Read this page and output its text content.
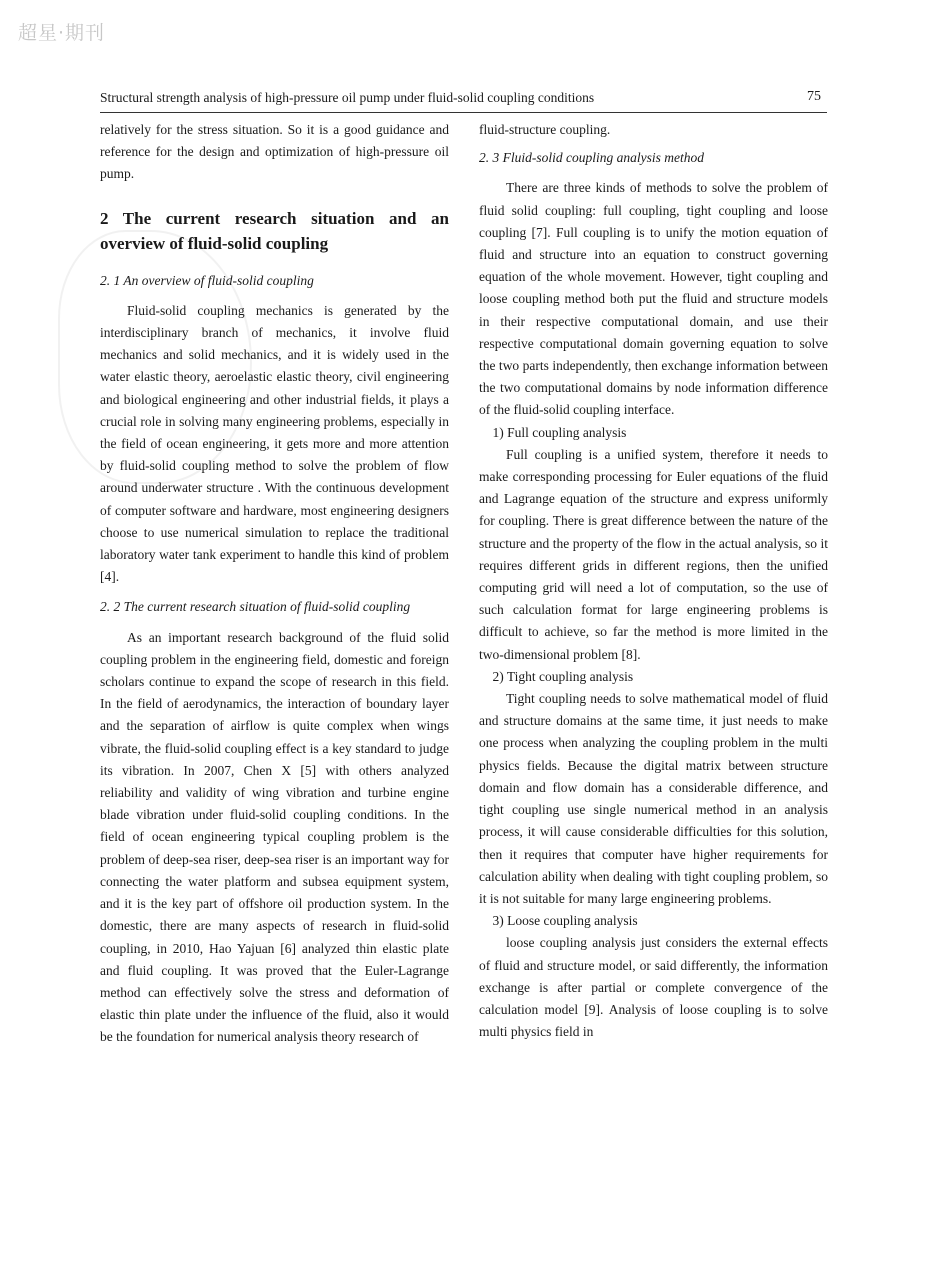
超星·期刊
Structural strength analysis of high-pressure oil pump under fluid-solid coupling conditions	75

relatively for the stress situation. So it is a good guidance and reference for the design and optimization of high-pressure oil pump.

2 The current research situation and an overview of fluid-solid coupling
2. 1 An overview of fluid-solid coupling

Fluid-solid coupling mechanics is generated by the interdisciplinary branch of mechanics, it involve fluid mechanics and solid mechanics, and it is widely used in the water elastic theory, aeroelastic elastic theory, civil engineering and biological engineering and other industrial fields, it plays a crucial role in solving many engineering problems, especially in the field of ocean engineering, it gets more and more attention by fluid-solid coupling method to solve the problem of flow around underwater structure . With the continuous development of computer software and hardware, most engineering designers choose to use numerical simulation to replace the traditional laboratory water tank experiment to handle this kind of problem [4].

2. 2 The current research situation of fluid-solid coupling

As an important research background of the fluid solid coupling problem in the engineering field, domestic and foreign scholars continue to expand the scope of research in this field. In the field of aerodynamics, the interaction of boundary layer and the separation of airflow is quite complex when wings vibrate, the fluid-solid coupling effect is a key standard to judge its vibration. In 2007, Chen X [5] with others analyzed reliability and validity of wing vibration and turbine engine blade vibration under fluid-solid coupling conditions. In the field of ocean engineering typical coupling problem is the problem of deep-sea riser, deep-sea riser is an important way for connecting the water platform and subsea equipment system, and it is the key part of offshore oil production system. In the domestic, there are many aspects of research in fluid-solid coupling, in 2010, Hao Yajuan [6] analyzed thin elastic plate and fluid coupling. It was proved that the Euler-Lagrange method can effectively solve the stress and deformation of elastic thin plate under the influence of the fluid, also it would be the foundation for numerical analysis theory research of

fluid-structure coupling.

2. 3 Fluid-solid coupling analysis method

There are three kinds of methods to solve the problem of fluid solid coupling: full coupling, tight coupling and loose coupling [7]. Full coupling is to unify the motion equation of fluid and structure into an equation to construct governing equation of the whole movement. However, tight coupling and loose coupling method both put the fluid and structure models in their respective computational domain, and use their respective computational domain governing equation to solve the two parts independently, then exchange information between the two computational domains by node information difference of the fluid-solid coupling interface.

1) Full coupling analysis

Full coupling is a unified system, therefore it needs to make corresponding processing for Euler equations of the fluid and Lagrange equation of the structure and express uniformly for coupling. There is great difference between the nature of the structure and the property of the flow in the actual analysis, so it requires different grids in different regions, then the unified computing grid will need a lot of computation, so the use of such calculation format for large engineering problems is difficult to achieve, so far the method is more limited in the two-dimensional problem [8].

2) Tight coupling analysis

Tight coupling needs to solve mathematical model of fluid and structure domains at the same time, it just needs to make one process when analyzing the coupling problem in the multi physics fields. Because the digital matrix between structure domain and flow domain has a considerable difference, and tight coupling use single numerical method in an analysis process, it will cause considerable difficulties for this solution, then it requires that computer have higher requirements for calculation ability when dealing with tight coupling problem, so it is not suitable for many large engineering problems.

3) Loose coupling analysis

loose coupling analysis just considers the external effects of fluid and structure model, or said differently, the information exchange is after partial or complete convergence of the calculation model [9]. Analysis of loose coupling is to solve multi physics field in
